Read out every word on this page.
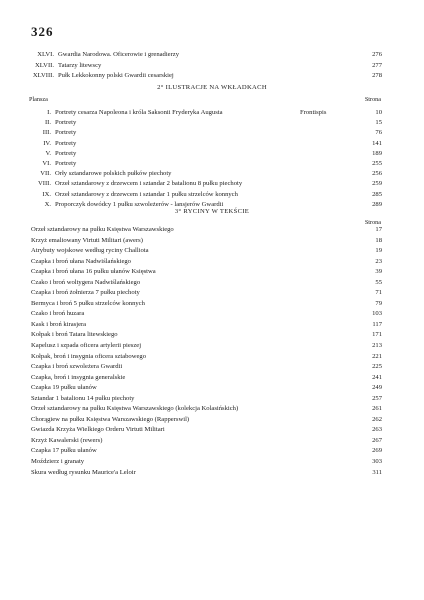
326
XLVI. Gwardia Narodowa. Oficerowie i grenadierzy	276
XLVII. Tatarzy litewscy	277
XLVIII. Pułk Lekkokonny polski Gwardii cesarskiej	278
2° ILUSTRACJE NA WKŁADKACH
Plansza	Strona
I. Portrety cesarza Napoleona i króla Saksonii Fryderyka Augusta	Frontispis	10
II. Portrety	15
III. Portrety	76
IV. Portrety	141
V. Portrety	189
VI. Portrety	255
VII. Orły sztandarowe polskich pułków piechoty	256
VIII. Orzeł sztandarowy z drzewcem i sztandar 2 batalionu 8 pułku piechoty	259
IX. Orzeł sztandarowy z drzewcem i sztandar 1 pułku strzelców konnych	285
X. Proporczyk dowódcy 1 pułku szwoleżerów - lansjerów Gwardii	289
3° RYCINY W TEKŚCIE
Strona
Orzeł sztandarowy na pułku Księstwa Warszawskiego	17
Krzyż emaliowany Virtuti Militari (awers)	18
Atrybuty wojskowe według ryciny Challiota	19
Czapka i broń ułana Nadwiślańskiego	23
Czapka i broń ułana 16 pułku ułanów Księstwa	39
Czako i broń woltygera Nadwiślańskiego	55
Czapka i broń żołnierza 7 pułku piechoty	71
Bermyca i broń 5 pułku strzelców konnych	79
Czako i broń huzara	103
Kask i broń kirasjera	117
Kołpak i broń Tatara litewskiego	171
Kapelusz i szpada oficera artylerii pieszej	213
Kołpak, broń i insygnia oficera sztabowego	221
Czapka i broń szwoleżera Gwardii	225
Czapka, broń i insygnia generalskie	241
Czapka 19 pułku ułanów	249
Sztandar 1 batalionu 14 pułku piechoty	257
Orzeł sztandarowy na pułku Księstwa Warszawskiego (kolekcja Kolasińskich)	261
Chorągiew na pułku Księstwa Warszawskiego (Rapperswil)	262
Gwiazda Krzyża Wielkiego Orderu Virtuti Militari	263
Krzyż Kawalerski (rewers)	267
Czapka 17 pułku ułanów	269
Moździerz i granaty	303
Skura według rysunku Maurice'a Leloir	311
